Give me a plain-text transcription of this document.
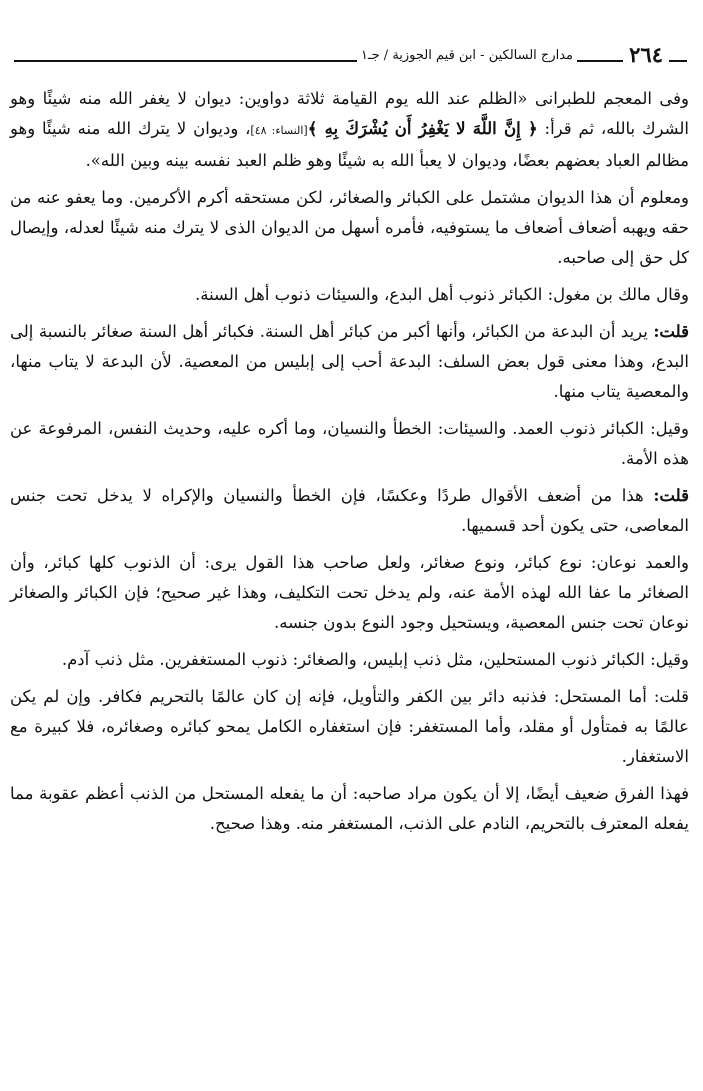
٢٦٤
مدارج السالكين - ابن قيم الجوزية / جـ١

وفى المعجم للطبرانى «الظلم عند الله يوم القيامة ثلاثة دواوين: ديوان لا يغفر الله منه شيئًا وهو الشرك بالله، ثم قرأ: ﴿ إِنَّ اللَّهَ لا يَغْفِرُ أَن يُشْرَكَ بِهِ ﴾[النساء: ٤٨]، وديوان لا يترك الله منه شيئًا وهو مظالم العباد بعضهم بعضًا، وديوان لا يعبأ الله به شيئًا وهو ظلم العبد نفسه بينه وبين الله».

ومعلوم أن هذا الديوان مشتمل على الكبائر والصغائر، لكن مستحقه أكرم الأكرمين. وما يعفو عنه من حقه ويهبه أضعاف أضعاف ما يستوفيه، فأمره أسهل من الديوان الذى لا يترك منه شيئًا لعدله، وإيصال كل حق إلى صاحبه.

وقال مالك بن مغول: الكبائر ذنوب أهل البدع، والسيئات ذنوب أهل السنة.

قلت: يريد أن البدعة من الكبائر، وأنها أكبر من كبائر أهل السنة. فكبائر أهل السنة صغائر بالنسبة إلى البدع، وهذا معنى قول بعض السلف: البدعة أحب إلى إبليس من المعصية. لأن البدعة لا يتاب منها، والمعصية يتاب منها.

وقيل: الكبائر ذنوب العمد. والسيئات: الخطأ والنسيان، وما أكره عليه، وحديث النفس، المرفوعة عن هذه الأمة.

قلت: هذا من أضعف الأقوال طردًا وعكسًا، فإن الخطأ والنسيان والإكراه لا يدخل تحت جنس المعاصى، حتى يكون أحد قسميها.

والعمد نوعان: نوع كبائر، ونوع صغائر، ولعل صاحب هذا القول يرى: أن الذنوب كلها كبائر، وأن الصغائر ما عفا الله لهذه الأمة عنه، ولم يدخل تحت التكليف، وهذا غير صحيح؛ فإن الكبائر والصغائر نوعان تحت جنس المعصية، ويستحيل وجود النوع بدون جنسه.

وقيل: الكبائر ذنوب المستحلين، مثل ذنب إبليس، والصغائر: ذنوب المستغفرين. مثل ذنب آدم.

قلت: أما المستحل: فذنبه دائر بين الكفر والتأويل، فإنه إن كان عالمًا بالتحريم فكافر. وإن لم يكن عالمًا به فمتأول أو مقلد، وأما المستغفر: فإن استغفاره الكامل يمحو كبائره وصغائره، فلا كبيرة مع الاستغفار.

فهذا الفرق ضعيف أيضًا، إلا أن يكون مراد صاحبه: أن ما يفعله المستحل من الذنب أعظم عقوبة مما يفعله المعترف بالتحريم، النادم على الذنب، المستغفر منه. وهذا صحيح.
